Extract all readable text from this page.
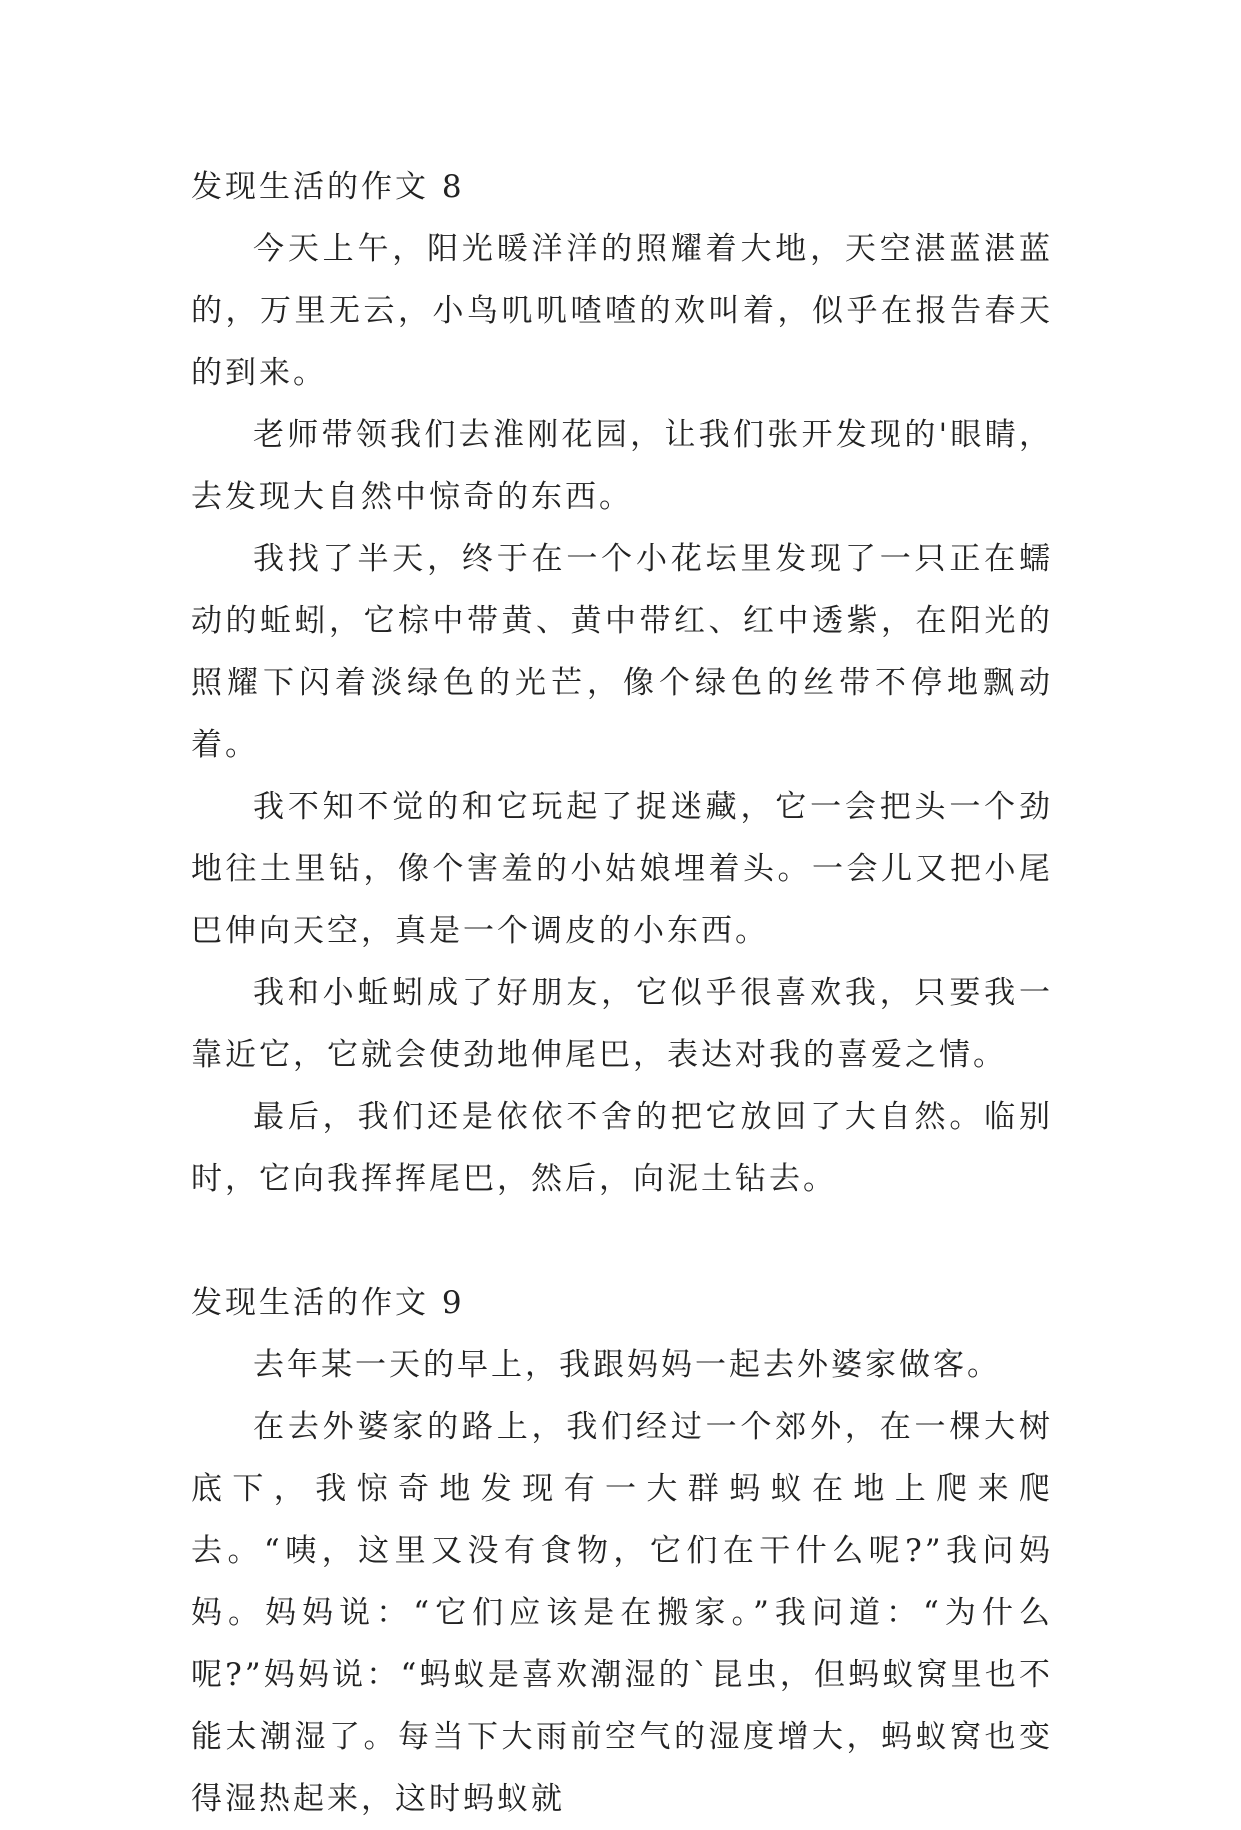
发现生活的作文 8

今天上午，阳光暖洋洋的照耀着大地，天空湛蓝湛蓝的，万里无云，小鸟叽叽喳喳的欢叫着，似乎在报告春天的到来。

老师带领我们去淮刚花园，让我们张开发现的'眼睛，去发现大自然中惊奇的东西。

我找了半天，终于在一个小花坛里发现了一只正在蠕动的蚯蚓，它棕中带黄、黄中带红、红中透紫，在阳光的照耀下闪着淡绿色的光芒，像个绿色的丝带不停地飘动着。

我不知不觉的和它玩起了捉迷藏，它一会把头一个劲地往土里钻，像个害羞的小姑娘埋着头。一会儿又把小尾巴伸向天空，真是一个调皮的小东西。

我和小蚯蚓成了好朋友，它似乎很喜欢我，只要我一靠近它，它就会使劲地伸尾巴，表达对我的喜爱之情。

最后，我们还是依依不舍的把它放回了大自然。临别时，它向我挥挥尾巴，然后，向泥土钻去。

发现生活的作文 9

去年某一天的早上，我跟妈妈一起去外婆家做客。

在去外婆家的路上，我们经过一个郊外，在一棵大树底下，我惊奇地发现有一大群蚂蚁在地上爬来爬去。“咦，这里又没有食物，它们在干什么呢?”我问妈妈。妈妈说：“它们应该是在搬家。”我问道：“为什么呢?”妈妈说：“蚂蚁是喜欢潮湿的`昆虫，但蚂蚁窝里也不能太潮湿了。每当下大雨前空气的湿度增大，蚂蚁窝也变得湿热起来，这时蚂蚁就
